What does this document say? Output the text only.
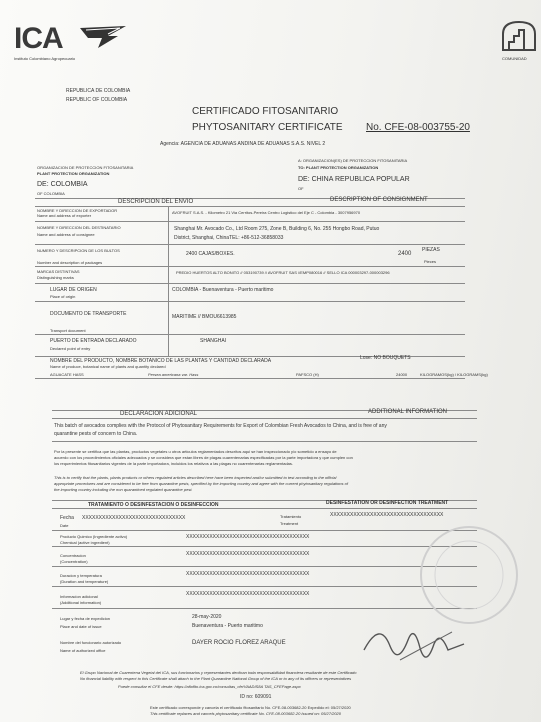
ICA
Instituto Colombiano Agropecuario	COMUNIDAD
REPUBLICA DE COLOMBIA
REPUBLIC OF COLOMBIA
CERTIFICADO FITOSANITARIO
PHYTOSANITARY CERTIFICATE No. CFE-08-003755-20
Agencia: AGENCIA DE ADUANAS ANDINA DE ADUANAS S.A.S. NIVEL 2
ORGANIZACION DE PROTECCION FITOSANITARIA
PLANT PROTECTION ORGANIZATION
DE: COLOMBIA
OF COLOMBIA
A: ORGANIZACION(ES) DE PROTECCION FITOSANITARIA
TO: PLANT PROTECTION ORGANIZATION
DE: CHINA REPUBLICA POPULAR
OF
DESCRIPCION DEL ENVIO	DESCRIPTION OF CONSIGNMENT
NOMBRE Y DIRECCION DE EXPORTADOR
Name and address of exporter
AVOFRUIT S.A.S. - Kilometro 21 Via Cerritos-Pereira Centro Logistico del Eje C - Colombia - 3007956970
NOMBRE Y DIRECCION DEL DESTINATARIO
Name and address of consignee
Shanghai Mr. Avocado Co., Ltd Room 275, Zone B, Building 6, No. 255 Hongbo Road, Putuo
District, Shanghai, ChinaTEL: +86-512-36858033
NUMERO Y DESCRIPCION DE LOS BULTOS
Number and description of packages
2400 CAJAS/BOXES.	2400
PIEZAS
Pieces
MARCAS DISTINTIVAS
Distinguishing marks
PREDIO HUERTOS ALTO BONITO // 053190739 // AVOFRUIT SAS //EMP080016 // SELLO ICA 000003297-000003296
LUGAR DE ORIGEN
Place of origin
COLOMBIA - Buenaventura - Puerto maritimo
DOCUMENTO DE TRANSPORTE
Transport document
MARITIME // BMOU6613985
PUERTO DE ENTRADA DECLARADO
Declared point of entry
SHANGHAI
NOMBRE DEL PRODUCTO, NOMBRE BOTANICO DE LAS PLANTAS Y CANTIDAD DECLARADA
Name of produce, botanical name of plants and quantity declared
Lose: NO BOUQUETS
AGUACATE HASS	Persea americana var. Hass	PAFSCO (H)	24000	KILOGRAMOS(kg) / KILOGRAMS(kg)
DECLARACION ADICIONAL	ADDITIONAL INFORMATION
This batch of avocados complies with the Protocol of Phytosanitary Requirements for Export of Colombian Fresh Avocados to China, and is free of any
quarantine pests of concern to China.
Por la presente se certifica que las plantas, productos vegetales u otros articulos reglamentados descritos aqui se han inspeccionado y/o sometido a ensayo de
acuerdo con los procedimientos oficiales adecuados y se considera que estan libres de plagas cuarentenarias especificadas por la parte importadora y que cumplen con
los requerimientos fitosanitarios vigentes de la parte importadora, incluidos los relativos a las plagas no cuarentenarias reglamentadas.
This is to certify that the plants, plants products or others regulated articles described here have been inspected and/or submitted to test according to the official
appropriate procedures and are considered to be free from quarantine pests, specified by the importing country and agree with the current phytosanitary regulations of
the importing country including the non quarantined regulated quarantine pest.
TRATAMIENTO O DESINFESTACION O DESINFECCION	DESINFESTATION OR DESINFECTION TREATMENT
Fecha
Date
XXXXXXXXXXXXXXXXXXXXXXXXXXXXXXX	Tratamiento
Treatment
XXXXXXXXXXXXXXXXXXXXXXXXXXXXXXXXXX
Producto Quimico (Ingrediente activo)
Chemical (active ingredient)
XXXXXXXXXXXXXXXXXXXXXXXXXXXXXXXXXXXXX
Concentracion
(Concentration)
XXXXXXXXXXXXXXXXXXXXXXXXXXXXXXXXXXXXX
Duracion y temperatura
(Duration and temperature)
XXXXXXXXXXXXXXXXXXXXXXXXXXXXXXXXXXXXX
Informacion adicional
(Additional information)
XXXXXXXXXXXXXXXXXXXXXXXXXXXXXXXXXXXXX
Lugar y fecha de expedicion
Place and date of issue
28-may-2020
Buenaventura - Puerto maritimo
Nombre del funcionario autorizado
Name of authorized office
DAYER ROCIO FLOREZ ARAQUE
El Grupo Nacional de Cuarentena Vegetal del ICA, sus funcionarios y representantes declinan toda responsabilidad financiera resultante de este Certificado
No financial liability with respect to this Certificate shall attach to the Plant Quarantine National Group of the ICA or to any of its officers or representatives
Puede consultar el CFE desde: https://afiofito.ica.gov.co/consultas_cfe/VAADIS8A TAS_CFEPage.aspx
ID no: 609091
Este certificado corresponde y cancela el certificado fitosanitario No. CFE-08-003682-20 Expedido el: 05/27/2020
This certificate replaces and cancels phytosanitary certificate No. CFE-08-003682-20 Issued on: 05/27/2020
